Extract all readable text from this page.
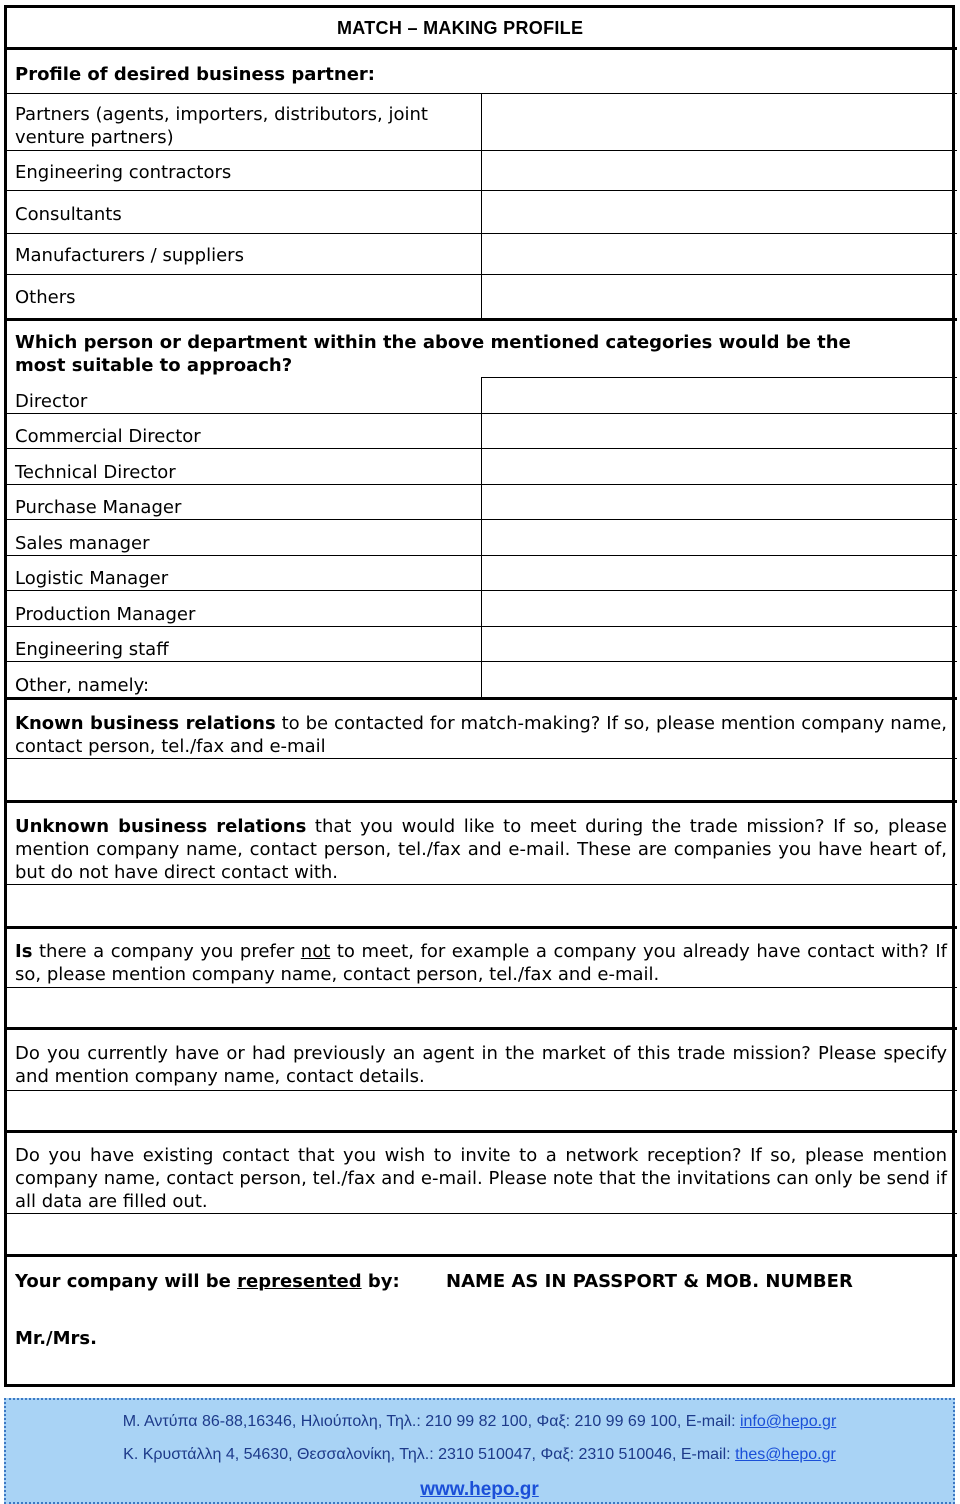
MATCH – MAKING PROFILE
Profile of desired business partner:
Partners (agents, importers, distributors, joint
venture partners)
Engineering contractors
Consultants
Manufacturers / suppliers
Others
Which person or department within the above mentioned categories would be the
most suitable to approach?
Director
Commercial Director
Technical Director
Purchase Manager
Sales manager
Logistic Manager
Production Manager
Engineering staff
Other, namely:
Known business relations to be contacted for match-making? If so, please mention company name, contact person, tel./fax and e-mail
Unknown business relations that you would like to meet during the trade mission? If so, please mention company name, contact person, tel./fax and e-mail. These are companies you have heart of, but do not have direct contact with.
Is there a company you prefer not to meet, for example a company you already have contact with? If so, please mention company name, contact person, tel./fax and e-mail.
Do you currently have or had previously an agent in the market of this trade mission? Please specify and mention company name, contact details.
Do you have existing contact that you wish to invite to a network reception? If so, please mention company name, contact person, tel./fax and e-mail. Please note that the invitations can only be send if all data are filled out.
Your company will be represented by:	NAME AS IN PASSPORT & MOB. NUMBER
Mr./Mrs.
Μ. Αντύπα 86-88,16346, Ηλιούπολη, Τηλ.: 210 99 82 100, Φαξ: 210 99 69 100, E-mail: info@hepo.gr
Κ. Κρυστάλλη 4, 54630, Θεσσαλονίκη, Τηλ.: 2310 510047, Φαξ: 2310 510046, E-mail: thes@hepo.gr
www.hepo.gr
